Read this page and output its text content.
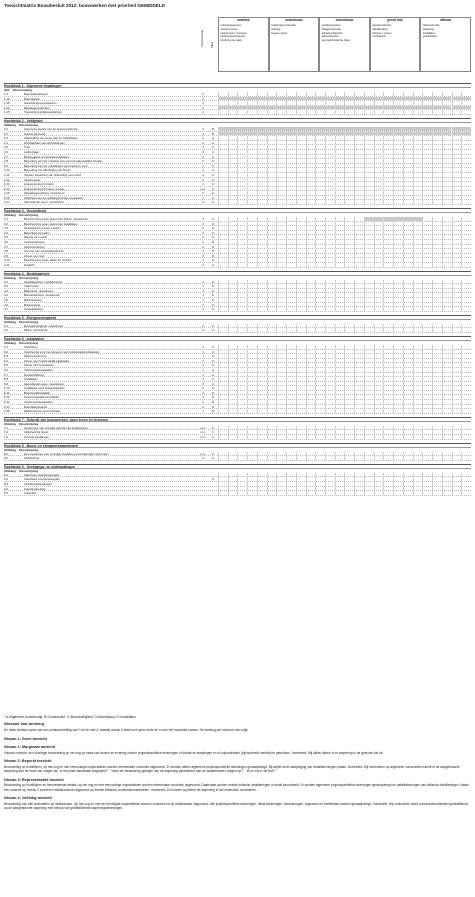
Toezichtmatrix Bouwbesluit 2012: bouwwerken met prioriteit GEMIDDELD
Toezichtniveau	Tabel
ontwerp
ontwerpgegevens
uitzetten bouw
uitgravingen / bouwput
funderingsconstructie
fundering op palen
onderbouw
funderingsconstructie
riolering
begane grond
bovenbouw
verdiepingsvloer
draagconstructie
kanaal/ schachten
dakconstructie
woningscheidende bouw
gevel/ dak
gevelconstructie
dakafwerking
kozijnen / ramen
metselwerk
afbouw
dakconstructie
afwerking
installaties
geveldetails
Hoofdstuk 1 - Algemene bepalingen
Afd. Omschrijving
1.1	Begripsbepalingen	2
1.10	Brandklasse	2
1.15	Aansluitingsvoorwaarden	2
1.20	Bepalingsmethoden	2
1.25	Toepassing gelijkwaardigheid	2
Hoofdstuk 2 - Veiligheid
Afdeling Omschrijving
2.1	Algemene sterkte van de bouwconstructie	3	B
2.2	Sterkte bij brand	3	B
2.3	Afscheiding van vloer, trap en hellingbaan	2	A
2.4	Doorlaatbaar van afscheidingen	2	A
2.5	Trap	2	A
2.6	Hellingbaan	2	A
2.7	Beweegbare constructieonderdelen	2	A
2.8	Beperking van het ontstaan van een brandgevaarlijke situatie	2	C
2.9	Beperking van het ontwikkelen van brand en rook	2	C
2.10	Beperking van uitbreiding van brand	3	C
2.11	Verdere beperking van uitbreiding van brand	2	C
2.12	Vluchtroutes	2	C
2.13	Hulpverlening bij brand	2	C
2.14	Hulpverlening bij brand, overige	n.v.t.	C
2.15	Inbraakwerendheid, nieuwbouw	2	A
2.16	Veiligheid van een plaatsgebonden bouwwerk	2	A
2.17	Aanvullende eisen, nieuwbouw	2	A
Hoofdstuk 3 - Gezondheid
Afdeling Omschrijving
3.1	Bescherming tegen geluid van buiten, nieuwbouw	2	A
3.2	Bescherming tegen geluid van installaties	2	D
3.3	Geluidwering tussen ruimten	2	A
3.4	Beperking van galm	2	A
3.5	Wering van vocht	2	A
3.6	Luchtverversing	2	D
3.7	Spuivoorziening	2	D
3.8	Toevoer van verbrandingslucht	2	D
3.9	Afvoer van rook	2	D
3.10	Bescherming tegen ratten en muizen	1	A
3.11	Daglicht	2	A
Hoofdstuk 4 - Bruikbaarheid
Afdeling Omschrijving
4.1	Verblijfsgebied, verblijfsruimte	1	A
4.2	Toiletruimte	1	A
4.3	Badruimte, nieuwbouw	1	A
4.4	Bereikbaarheid, nieuwbouw	1	A
4.5	Buitenberging	1	A
4.6	Buitenruimte	1	A
4.7	Opstelplaatsen	1	A
Hoofdstuk 5 - Energiezuinigheid
Afdeling Omschrijving
5.1	Energiezuinigheid, nieuwbouw	2	C
5.2	Milieu, nieuwbouw	2	C
Hoofdstuk 6 - Installaties
Afdeling Omschrijving
6.1	Verlichting	1	A
6.2	Voorziening voor het afvoeren van huishoudelijk afvalwater	1	A
6.3	Watervoorziening	1	A
6.4	Afvoer van huishoudelijk afvalwater	1	A
6.5	Afvoer van hemelwater	1	A
6.6	Vluchtrouteaanduiding	1	A
6.7	Noodverlichting	1	A
6.8	Installaties	2	A
6.9	Aanvullende eisen, nieuwbouw	2	A
6.10	Installaties voor brandveiligheid	2	A
6.11	Brandmeldinstallatie	3	D
6.12	Ontruimingsalarminstallatie	3	D
6.13	Vluchtrouteaanduiding	2	D
6.14	Brandslanghaspel	2	D
6.15	Elektronische communicatie	1	D
Hoofdstuk 7 - Gebruik van bouwwerken, open erven en terreinen
Afdeling Omschrijving
7.1	Voorkomen van onnodig gebruik van bouwwerken	n.v.t.	C
7.2	Veiligheid bij brand	n.v.t.	C
7.3	Overige bepalingen	n.v.t.	C
Hoofdstuk 8 - Bouw- en sloopwerkzaamheden
Afdeling Omschrijving
8.1	Het voorkomen van onveilige situaties en het beperken van hinder	n.v.t.	C
8.2	Afvalbeheer	2	A
Hoofdstuk 9 - Overgangs- en slotbepalingen
Afdeling Omschrijving
9.1	Algemene overgangsregels
9.2	Specifieke overgangsregels	A
9.3	Intrekkingsbepalingen
9.4	Inwerkingtreding
9.5	Citeertitel

* A=Algemeen bouwkundig, B=Constructief, C=Brandveiligheid, D=Bouwfysica, E=Installaties.

Niveaus van toetsing

De toets niveaus lopen van een schaalverdeling van 0 tot en met 4, waarbij niveau 0 staat voor geen toets en 4 voor het maximale niveau. De toetsing per niveau is als volgt:

Niveau 1: Geen toezicht
Niveau 1: Marginaal toezicht

Visuele controle, een vluchtige beoordeling op het oog op basis van kennis en ervaring zonder projectspecifieke tekeningen of details te raadplegen en of hulpmiddelen (bijvoorbeeld meetlat) te gebruiken. Voorbeeld: Wij kijken alleen of er wapening in de gestorte kist zit.

Niveau 2: Beperkt toezicht

Beoordeling op hoofdlijnen, op het oog en met eenvoudige hulpmiddelen worden elementaire controles uitgevoerd. Er worden alleen algemene projectspecifieke tekeningen geraadpleegd. Bij twijfel vindt raadpleging van detailtekeningen plaats. Voorbeeld: Wij controleren op algemeen constructief inzicht of de aangebrachte wapening aan de hand van vragen als "is het juiste basisstaal toegepast?", "reept de verankering gelegde van de wapening gerelateerd aan de staafdiameter vragen op?", "zit er vuil in de kist?".

Niveau 3: Representatief toezicht

Beoordeling op hoofdlijnen en kenmerkende details, op het oog en met eenvoudige hulpmiddelen worden elementaire controles uitgevoerd. Daarnaast worden enkele kritische detailleringen in detail beoordeeld. Er worden algemene projectspecifieke tekeningen geraadpleegd en detailtekeningen van kritische detailleringen. Naast een controle op niveau 2 wordt een detailcontrole uitgevoerd op enkele kritische constructieonderdelen. Voorbeeld: Zo kunnen wij alleen de wapening in de hoekkolom controleren.

Niveau 4: Volledig toezicht

Beoordeling van alle onderdelen op detailniveau. Op het oog en met de benodigde hulpmiddelen worden controles tot op detailniveau uitgevoerd. Alle projectspecifieke tekeningen, detail-tekeningen, berekeningen, rapporten en certificaten worden geraadpleegd. Voorbeeld: Wij controleren ieder constructieonderdeel gedetailleerd op de aangebrachte wapening met behulp van gedetailleerde wapeningstekeningen.
